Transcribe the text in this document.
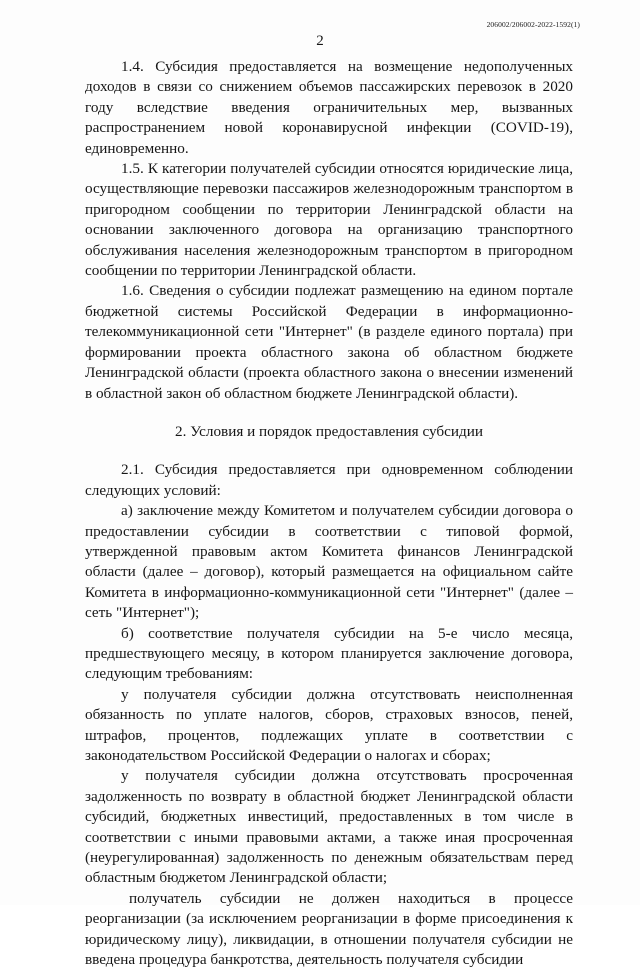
206002/206002-2022-1592(1)
2

1.4. Субсидия предоставляется на возмещение недополученных доходов в связи со снижением объемов пассажирских перевозок в 2020 году вследствие введения ограничительных мер, вызванных распространением новой коронавирусной инфекции (COVID-19), единовременно.

1.5. К категории получателей субсидии относятся юридические лица, осуществляющие перевозки пассажиров железнодорожным транспортом в пригородном сообщении по территории Ленинградской области на основании заключенного договора на организацию транспортного обслуживания населения железнодорожным транспортом в пригородном сообщении по территории Ленинградской области.

1.6. Сведения о субсидии подлежат размещению на едином портале бюджетной системы Российской Федерации в информационно-телекоммуникационной сети "Интернет" (в разделе единого портала) при формировании проекта областного закона об областном бюджете Ленинградской области (проекта областного закона о внесении изменений в областной закон об областном бюджете Ленинградской области).

2. Условия и порядок предоставления субсидии

2.1. Субсидия предоставляется при одновременном соблюдении следующих условий:

а) заключение между Комитетом и получателем субсидии договора о предоставлении субсидии в соответствии с типовой формой, утвержденной правовым актом Комитета финансов Ленинградской области (далее – договор), который размещается на официальном сайте Комитета в информационно-коммуникационной сети "Интернет" (далее – сеть "Интернет");

б) соответствие получателя субсидии на 5-е число месяца, предшествующего месяцу, в котором планируется заключение договора, следующим требованиям:

у получателя субсидии должна отсутствовать неисполненная обязанность по уплате налогов, сборов, страховых взносов, пеней, штрафов, процентов, подлежащих уплате в соответствии с законодательством Российской Федерации о налогах и сборах;

у получателя субсидии должна отсутствовать просроченная задолженность по возврату в областной бюджет Ленинградской области субсидий, бюджетных инвестиций, предоставленных в том числе в соответствии с иными правовыми актами, а также иная просроченная (неурегулированная) задолженность по денежным обязательствам перед областным бюджетом Ленинградской области;

получатель субсидии не должен находиться в процессе реорганизации (за исключением реорганизации в форме присоединения к юридическому лицу), ликвидации, в отношении получателя субсидии не введена процедура банкротства, деятельность получателя субсидии
